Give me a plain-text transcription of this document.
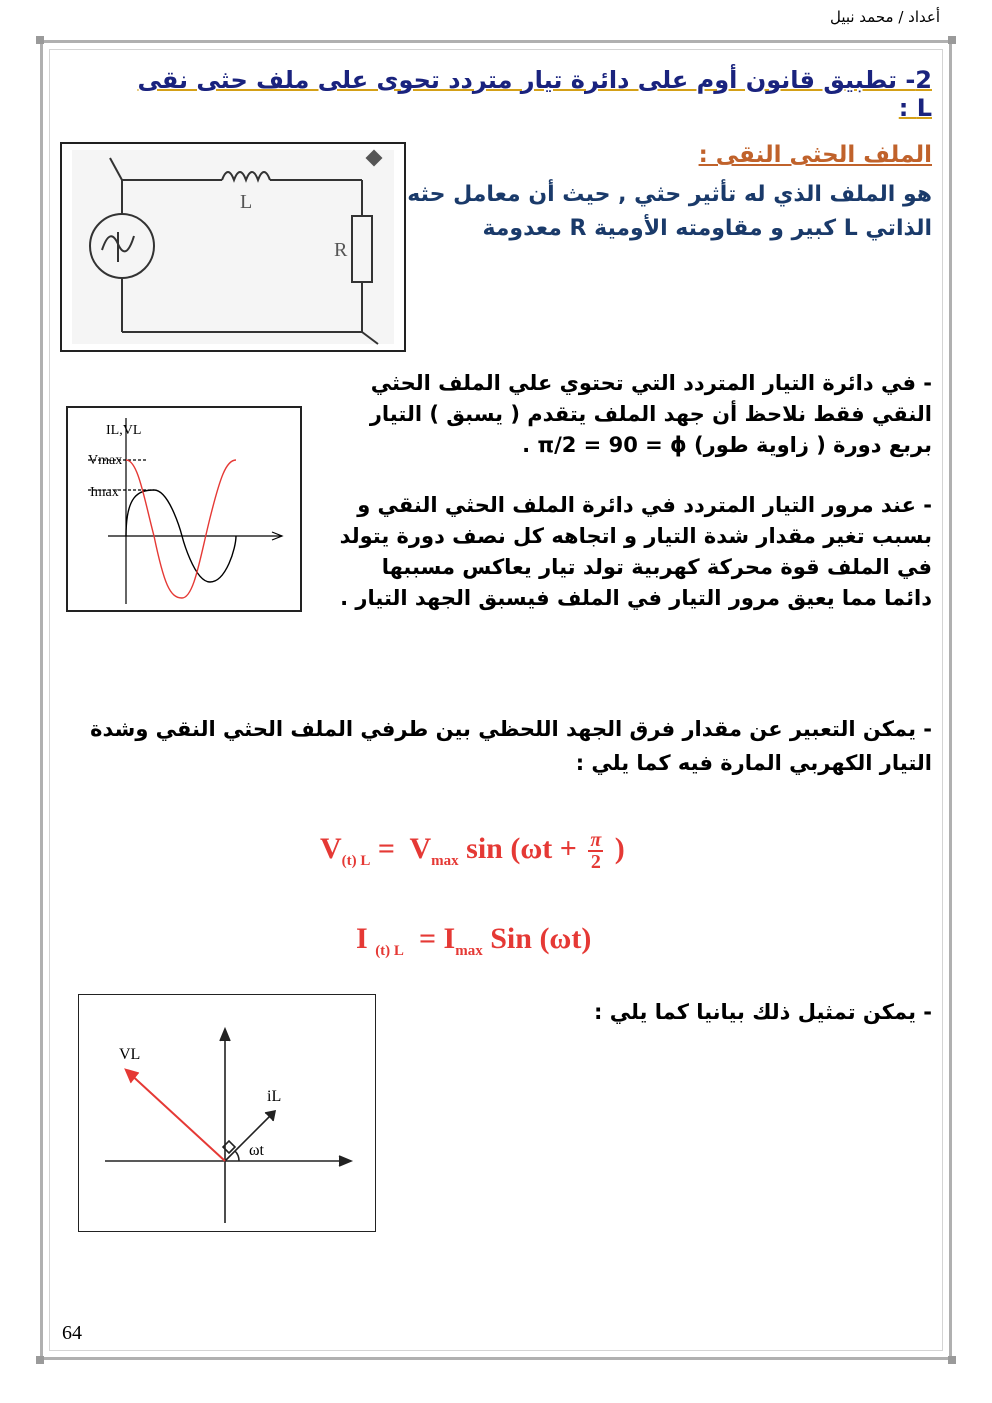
أعداد / محمد نبيل
2- تطبيق قانون أوم على دائرة تيار متردد تحوى على ملف حثى نقى L :
الملف الحثى النقى :
هو الملف الذي له تأثير حثي , حيث أن معامل حثه الذاتي L كبير و مقاومته الأومية R معدومة
L
R
- في دائرة التيار المتردد التي تحتوي علي الملف الحثي النقي فقط نلاحظ أن جهد الملف يتقدم ( يسبق ) التيار بربع دورة ( زاوية طور) π/2 = 90 = ϕ .
- عند مرور التيار المتردد في دائرة الملف الحثي النقي و بسبب تغير مقدار شدة التيار و اتجاهه كل نصف دورة يتولد في الملف قوة محركة كهربية تولد تيار يعاكس مسببها دائما مما يعيق مرور التيار في الملف فيسبق الجهد التيار .
IL,VL
Vmax
Imax
- يمكن التعبير عن مقدار فرق الجهد اللحظي بين طرفي الملف الحثي النقي وشدة التيار الكهربي المارة فيه كما يلي :
$V_{(t) L} = V_{max}$ $\sin (\omega t + \frac{\pi}{2}$ )
I $_{(t) L} = I_{max}$ Sin (ωt)
- يمكن تمثيل ذلك بيانيا كما يلي :
VL
iL
ωt
64
